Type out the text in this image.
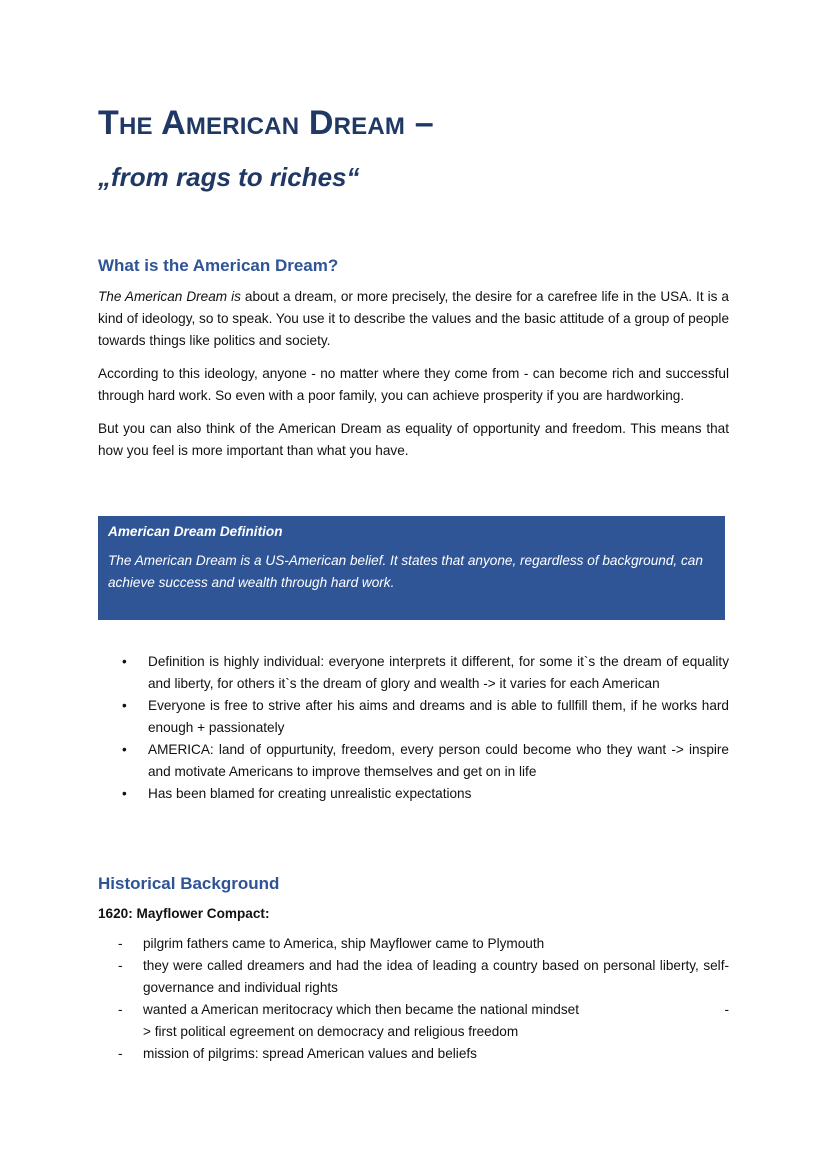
The American Dream –
„from rags to riches“
What is the American Dream?

The American Dream is about a dream, or more precisely, the desire for a carefree life in the USA. It is a kind of ideology, so to speak. You use it to describe the values and the basic attitude of a group of people towards things like politics and society.

According to this ideology, anyone - no matter where they come from - can become rich and successful through hard work. So even with a poor family, you can achieve prosperity if you are hardworking.

But you can also think of the American Dream as equality of opportunity and freedom. This means that how you feel is more important than what you have.

American Dream Definition
The American Dream is a US-American belief. It states that anyone, regardless of background, can achieve success and wealth through hard work.
• Definition is highly individual: everyone interprets it different, for some it`s the dream of equality and liberty, for others it`s the dream of glory and wealth -> it varies for each American
• Everyone is free to strive after his aims and dreams and is able to fullfill them, if he works hard enough + passionately
• AMERICA: land of oppurtunity, freedom, every person could become who they want -> inspire and motivate Americans to improve themselves and get on in life
• Has been blamed for creating unrealistic expectations
Historical Background
1620: Mayflower Compact:
- pilgrim fathers came to America, ship Mayflower came to Plymouth
- they were called dreamers and had the idea of leading a country based on personal liberty, self-governance and individual rights
-	-
wanted a American meritocracy which then became the national mindset
> first political egreement on democracy and religious freedom
- mission of pilgrims: spread American values and beliefs
